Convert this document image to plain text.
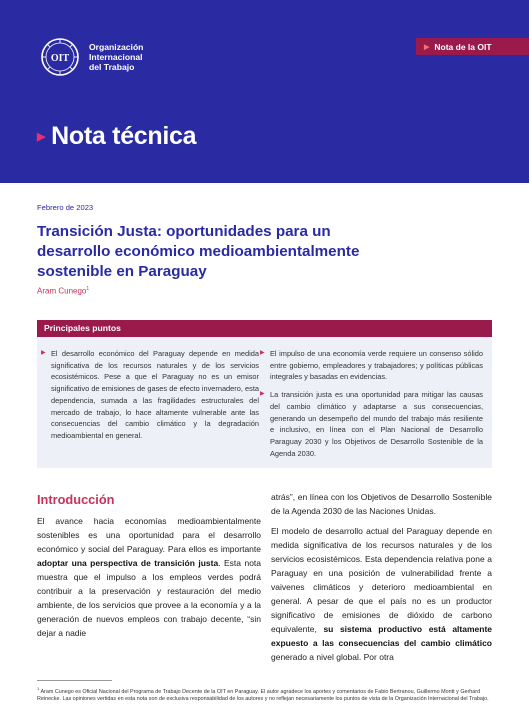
OIT
Organización
Internacional
del Trabajo
▶ Nota de la OIT
▶ Nota técnica
Febrero de 2023
Transición Justa: oportunidades para un desarrollo económico medioambientalmente sostenible en Paraguay
Aram Cunego$^1$
Principales puntos
▶ El desarrollo económico del Paraguay depende en medida significativa de los recursos naturales y de los servicios ecosistémicos. Pese a que el Paraguay no es un emisor significativo de emisiones de gases de efecto invernadero, esta dependencia, sumada a las fragilidades estructurales del mercado de trabajo, lo hace altamente vulnerable ante las consecuencias del cambio climático y la degradación medioambiental en general.
▶ El impulso de una economía verde requiere un consenso sólido entre gobierno, empleadores y trabajadores; y políticas públicas integrales y basadas en evidencias.
▶ La transición justa es una oportunidad para mitigar las causas del cambio climático y adaptarse a sus consecuencias, generando un desempeño del mundo del trabajo más resiliente e inclusivo, en línea con el Plan Nacional de Desarrollo Paraguay 2030 y los Objetivos de Desarrollo Sostenible de la Agenda 2030.
Introducción

El avance hacia economías medioambientalmente sostenibles es una oportunidad para el desarrollo económico y social del Paraguay. Para ellos es importante adoptar una perspectiva de transición justa. Esta nota muestra que el impulso a los empleos verdes podrá contribuir a la preservación y restauración del medio ambiente, de los servicios que provee a la economía y a la generación de nuevos empleos con trabajo decente, “sin dejar a nadie

atrás”, en línea con los Objetivos de Desarrollo Sostenible de la Agenda 2030 de las Naciones Unidas.

El modelo de desarrollo actual del Paraguay depende en medida significativa de los recursos naturales y de los servicios ecosistémicos. Esta dependencia relativa pone a Paraguay en una posición de vulnerabilidad frente a vaivenes climáticos y deterioro medioambiental en general. A pesar de que el país no es un productor significativo de emisiones de dióxido de carbono equivalente, su sistema productivo está altamente expuesto a las consecuencias del cambio climático generado a nivel global. Por otra

$^1$ Aram Cunego es Oficial Nacional del Programa de Trabajo Decente de la OIT en Paraguay. El autor agradece los aportes y comentarios de Fabio Bertranou, Guillermo Montt y Gerhard Reinecke. Las opiniones vertidas en esta nota son de exclusiva responsabilidad de los autores y no reflejan necesariamente los puntos de vista de la Organización Internacional del Trabajo.
